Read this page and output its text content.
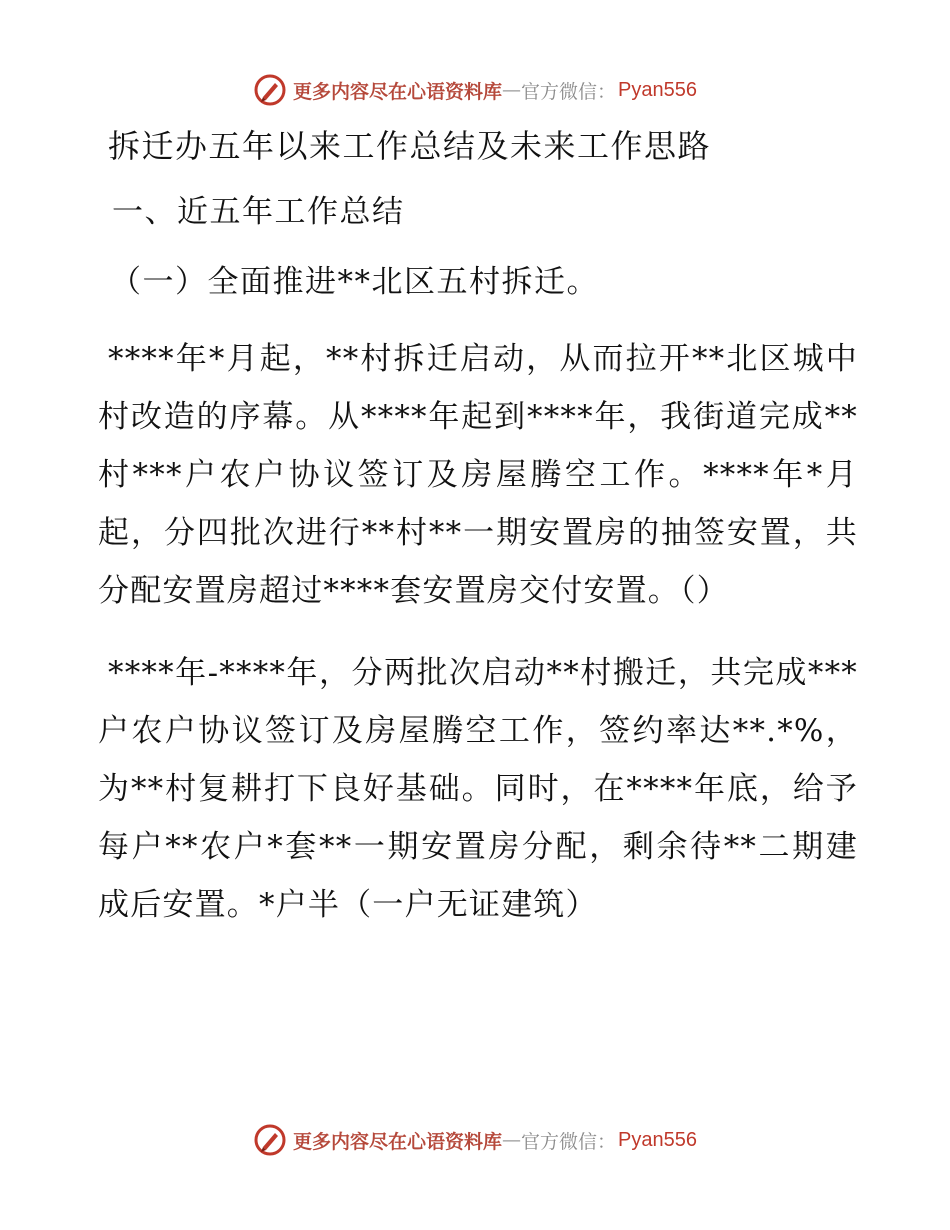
更多内容尽在心语资料库 — 官方微信： Pyan556
拆迁办五年以来工作总结及未来工作思路
一、近五年工作总结
（一）全面推进**北区五村拆迁。

****年*月起，**村拆迁启动，从而拉开**北区城中村改造的序幕。从****年起到****年，我街道完成**村***户农户协议签订及房屋腾空工作。****年*月起，分四批次进行**村**一期安置房的抽签安置，共分配安置房超过****套安置房交付安置。（）

****年-****年，分两批次启动**村搬迁，共完成***户农户协议签订及房屋腾空工作，签约率达**.*%，为**村复耕打下良好基础。同时，在****年底，给予每户**农户*套**一期安置房分配，剩余待**二期建成后安置。*户半（一户无证建筑）

更多内容尽在心语资料库 — 官方微信： Pyan556
